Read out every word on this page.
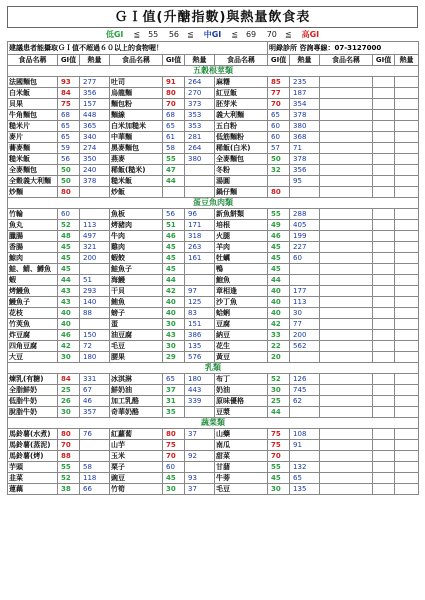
ＧＩ值(升醣指數)與熱量飲食表
低GI ≦ 55 56 ≦ 中GI ≦ 69 70 ≦ 高GI
建議患者能攝取ＧＩ值不超過６０以上的食物喔！							明錄診所 咨詢專線：07-3127000				
食品名稱	GI值	熱量	食品名稱	GI值	熱量	食品名稱	GI值	熱量	食品名稱	GI值	熱量
五穀根莖類											
法國麵包	93	277	吐司	91	264	麻糬	85	235			
白米飯	84	356	烏龍麵	80	270	紅豆飯	77	187			
貝果	75	157	麵包粉	70	373	胚芽米	70	354			
牛角麵包	68	448	麵線	68	353	義大利麵	65	378			
糙米片	65	365	白米加糙米	65	353	五白粉	60	380			
麥片	65	340	中華麵	61	281	低筋麵粉	60	368			
蕎麥麵	59	274	黑麥麵包	58	264	稀飯(白米)	57	71			
糙米飯	56	350	燕麥	55	380	全麥麵包	50	378			
全麥麵包	50	240	稀飯(糙米)	47		冬粉	32	356			
全穀義大利麵	50	378	糙米飯	44		湯圓		95			
炒麵	80		炒飯			鍋仔麵	80				
蛋豆魚肉類											
竹輪	60		魚板	56	96	新魚餅類	55	288			
魚丸	52	113	烤豬肉	51	171	培根	49	405			
臘腸	48	497	牛肉	46	318	火腿	46	199			
香腸	45	321	雞肉	45	263	羊肉	45	227			
鯨肉	45	200	蝦餃	45	161	牡蠣	45	60			
鮭、鯖、鱒魚	45		鮭魚子	45		鴨	45				
蝦	44	51	海鰻	44		鮑魚	44				
烤鰻魚	43	293	干貝	42	97	章相逢	40	177			
鰻魚子	43	140	鮪魚	40	125	沙丁魚	40	113			
花枝	40	88	螃子	40	83	蛤蜊	40	30			
竹莢魚	40		蛋	30	151	豆腐	42	77			
炸豆腐	46	150	油豆腐	43	386	納豆	33	200			
四角豆腐	42	72	毛豆	30	135	花生	22	562			
大豆	30	180	腰果	29	576	黃豆	20				
乳類											
煉乳(有糖)	84	331	冰淇淋	65	180	布丁	52	126			
全脂鮮奶	25	67	鮮奶油	37	443	奶油	30	745			
低脂牛奶	26	46	加工乳酪	31	339	原味優格	25	62			
脫脂牛奶	30	357	奇華奶酪	35		豆漿	44				
蔬菜類											
馬鈴薯(水煮)	80	76	紅蘿蔔	80	37	山藥	75	108			
馬鈴薯(蒸泥)	70		山芋	75		南瓜	75	91			
馬鈴薯(烤)	88		玉米	70	92	甜菜	70				
芋頭	55	58	栗子	60		甘藷	55	132			
韭菜	52	118	豌豆	45	93	牛蒡	45	65			
蓮藕	38	66	竹筍	30	37	毛豆	30	135			
